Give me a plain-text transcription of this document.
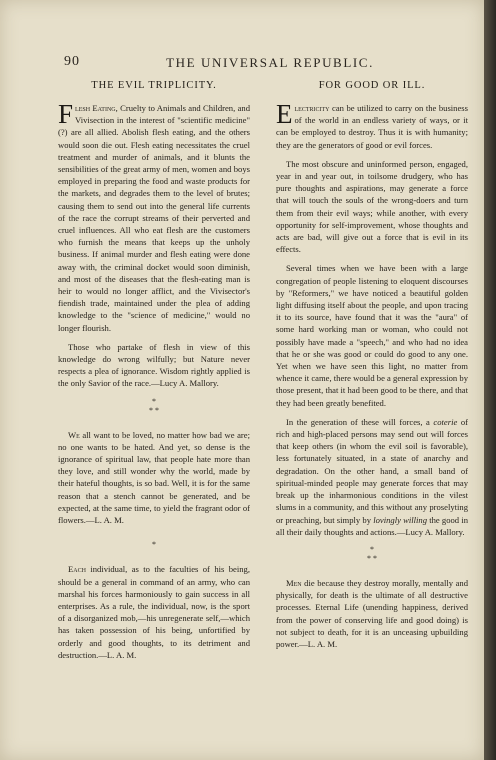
90	THE UNIVERSAL REPUBLIC.
THE EVIL TRIPLICITY.

Flesh Eating, Cruelty to Animals and Children, and Vivisection in the interest of "scientific medicine" (?) are all allied. Abolish flesh eating, and the others would soon die out. Flesh eating necessitates the cruel treatment and murder of animals, and it blunts the sensibilities of the great army of men, women and boys employed in preparing the food and waste products for the markets, and degrades them to the level of brutes; causing them to send out into the general life currents of the race the corrupt streams of their perverted and cruel influences. All who eat flesh are the customers who furnish the means that keeps up the unholy business. If animal murder and flesh eating were done away with, the criminal docket would soon diminish, and most of the diseases that the flesh-eating man is heir to would no longer afflict, and the Vivisector's fiendish trade, maintained under the plea of adding knowledge to the "science of medicine," would no longer flourish.

Those who partake of flesh in view of this knowledge do wrong wilfully; but Nature never respects a plea of ignorance. Wisdom rightly applied is the only Savior of the race.—Lucy A. Mallory.

*

* *

We all want to be loved, no matter how bad we are; no one wants to be hated. And yet, so dense is the ignorance of spiritual law, that people hate more than they love, and still wonder why the world, made by their hateful thoughts, is so bad. Well, it is for the same reason that a stench cannot be generated, and be expected, at the same time, to yield the fragrant odor of flowers.—L. A. M.

*

Each individual, as to the faculties of his being, should be a general in command of an army, who can marshal his forces harmoniously to gain success in all enterprises. As a rule, the individual, now, is the sport of a disorganized mob,—his unregenerate self,—which has taken possession of his being, unfortified by orderly and good thoughts, to its detriment and destruction.—L. A. M.

FOR GOOD OR ILL.

Electricity can be utilized to carry on the business of the world in an endless variety of ways, or it can be employed to destroy. Thus it is with humanity; they are the generators of good or evil forces.

The most obscure and uninformed person, engaged, year in and year out, in toilsome drudgery, who has pure thoughts and aspirations, may generate a force that will touch the souls of the wrong-doers and turn them from their evil ways; while another, with every opportunity for self-improvement, whose thoughts and acts are bad, will give out a force that is evil in its effects.

Several times when we have been with a large congregation of people listening to eloquent discourses by "Reformers," we have noticed a beautiful golden light diffusing itself about the people, and upon tracing it to its source, have found that it was the "aura" of some hard working man or woman, who could not possibly have made a "speech," and who had no idea that he or she was good or could do good to any one. Yet when we have seen this light, no matter from whence it came, there would be a general expression by those present, that it had been good to be there, and that they had been greatly benefited.

In the generation of these will forces, a coterie of rich and high-placed persons may send out will forces that keep others (in whom the evil soil is favorable), less fortunately situated, in a state of anarchy and degradation. On the other hand, a small band of spiritual-minded people may generate forces that may break up the inharmonious conditions in the vilest slums in a community, and this without any proselyting or preaching, but simply by lovingly willing the good in all their daily thoughts and actions.—Lucy A. Mallory.

*

* *

Men die because they destroy morally, mentally and physically, for death is the ultimate of all destructive processes. Eternal Life (unending happiness, derived from the power of conserving life and good doing) is not subject to death, for it is an unceasing upbuilding power.—L. A. M.
